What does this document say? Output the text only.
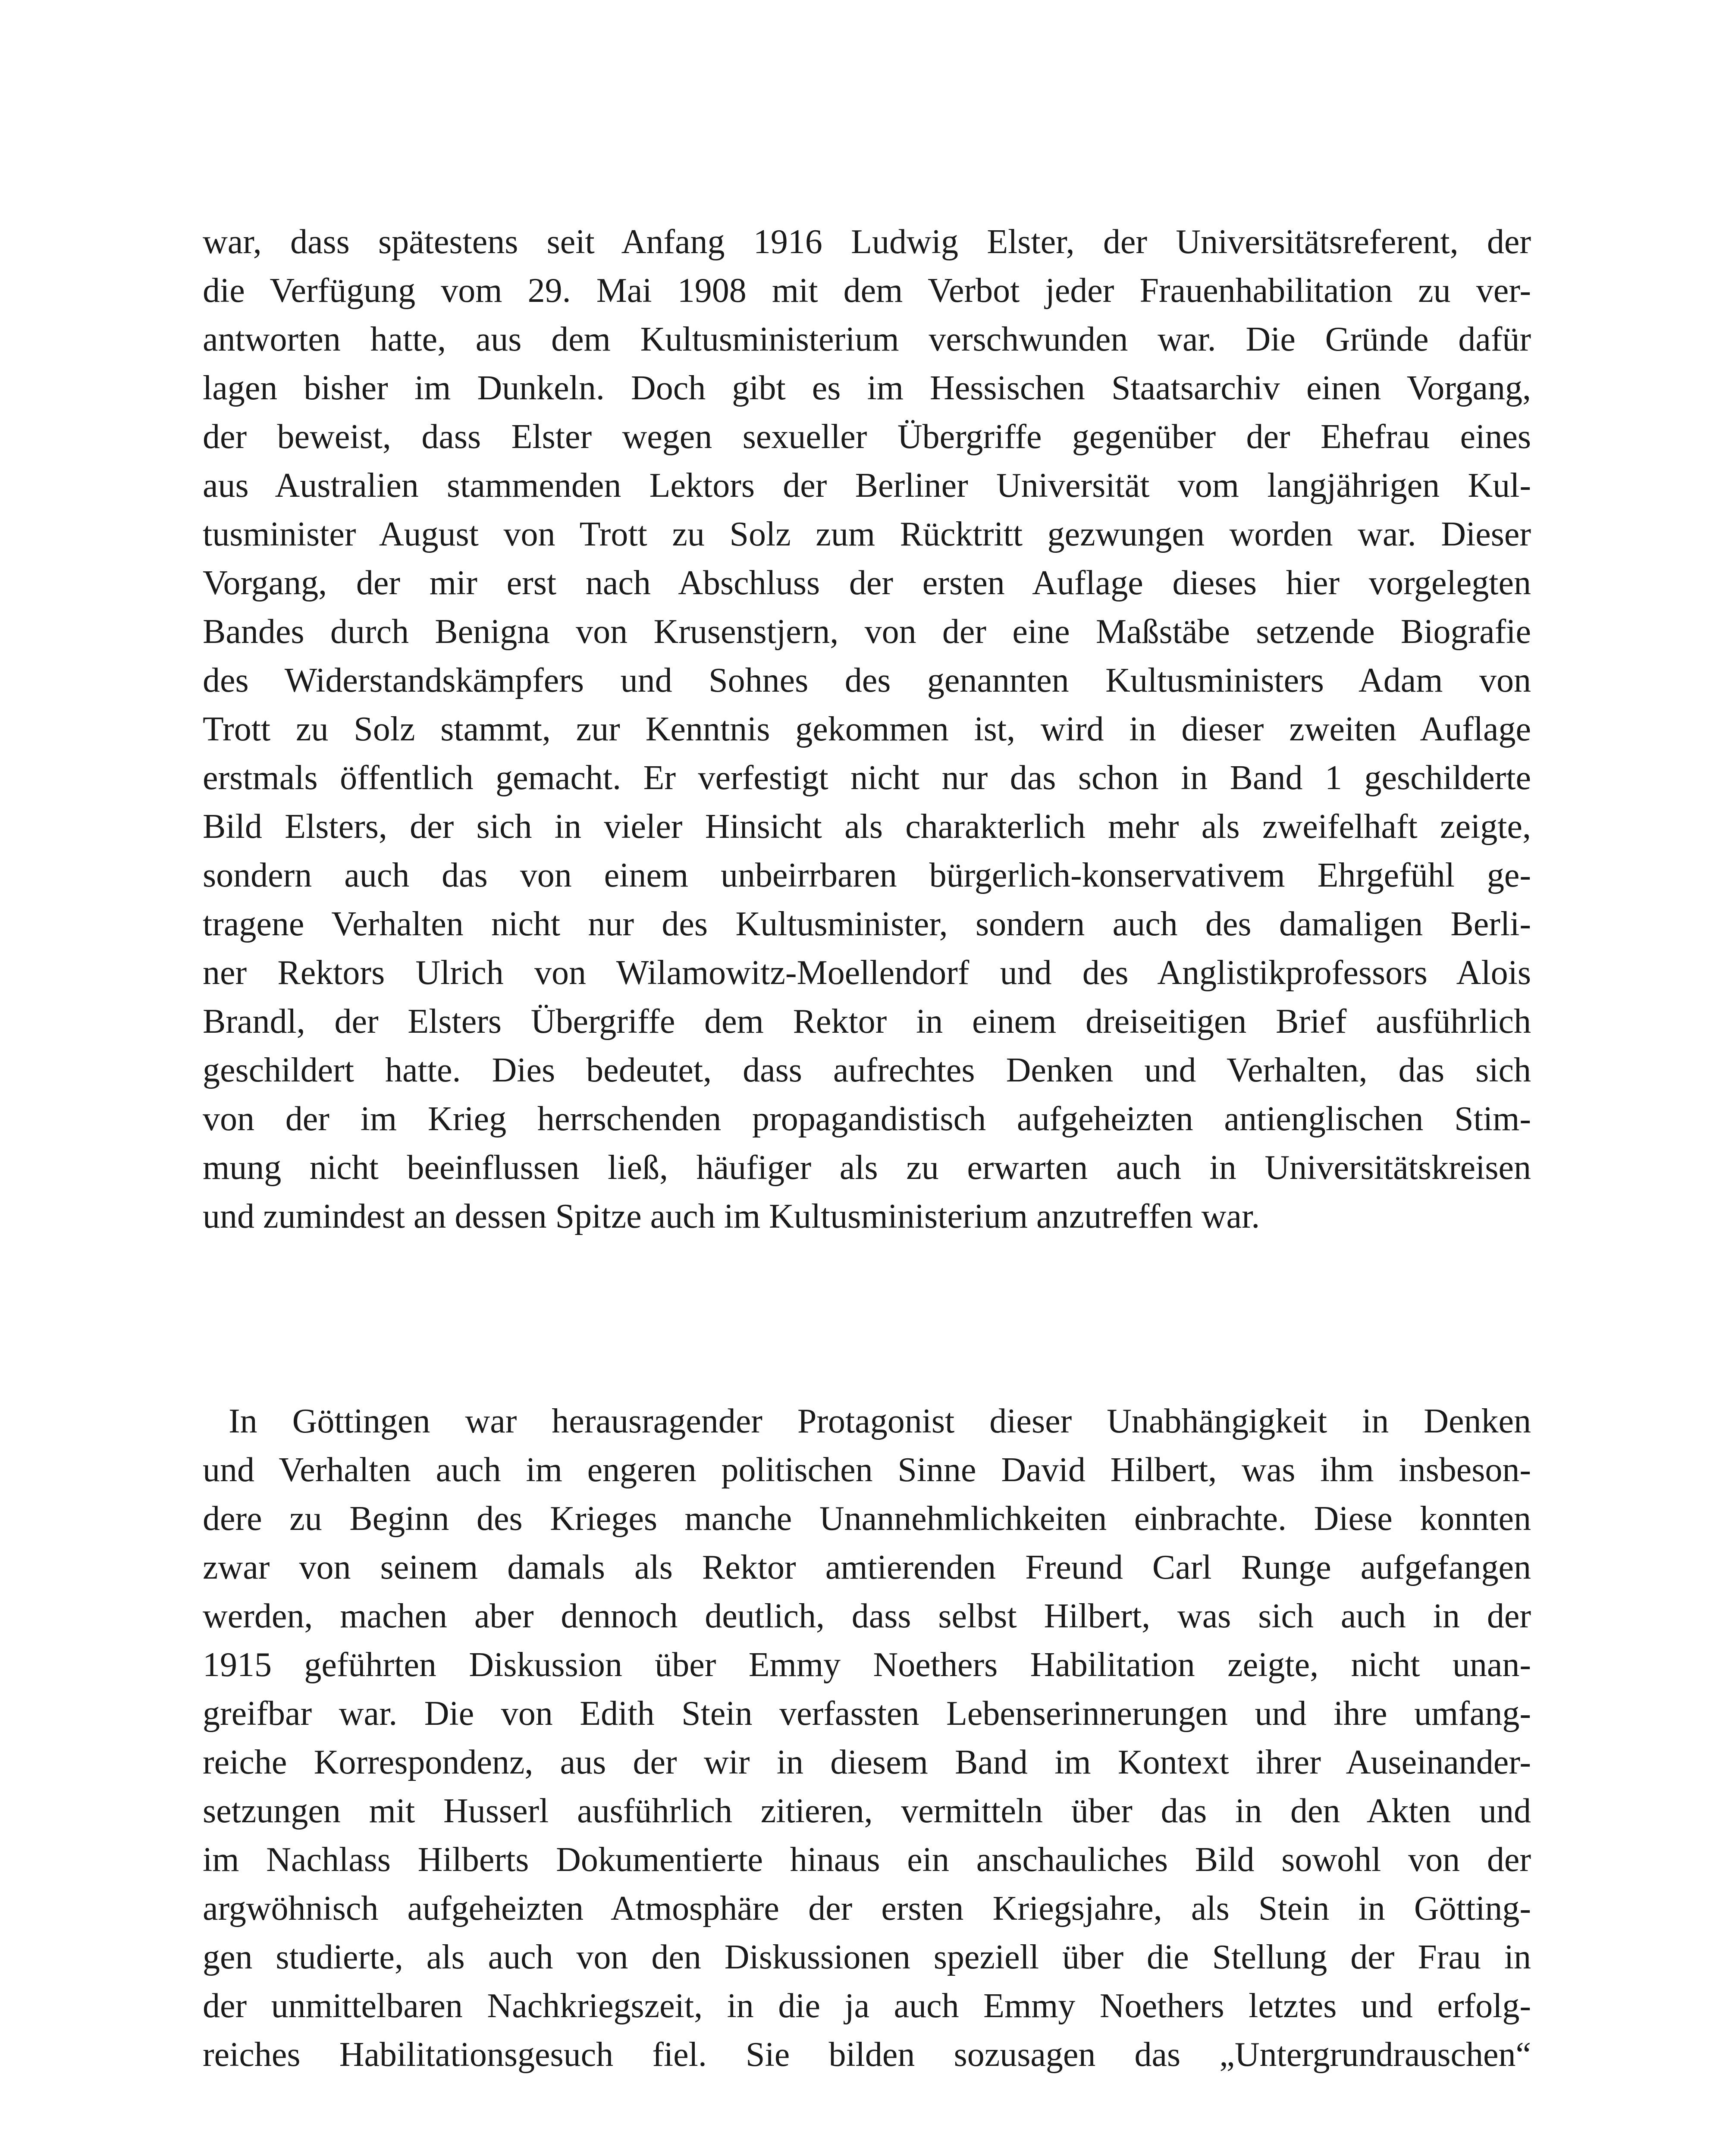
war, dass spätestens seit Anfang 1916 Ludwig Elster, der Universitätsreferent, der
die Verfügung vom 29. Mai 1908 mit dem Verbot jeder Frauenhabilitation zu ver-
antworten hatte, aus dem Kultusministerium verschwunden war. Die Gründe dafür
lagen bisher im Dunkeln. Doch gibt es im Hessischen Staatsarchiv einen Vorgang,
der beweist, dass Elster wegen sexueller Übergriffe gegenüber der Ehefrau eines
aus Australien stammenden Lektors der Berliner Universität vom langjährigen Kul-
tusminister August von Trott zu Solz zum Rücktritt gezwungen worden war. Dieser
Vorgang, der mir erst nach Abschluss der ersten Auflage dieses hier vorgelegten
Bandes durch Benigna von Krusenstjern, von der eine Maßstäbe setzende Biografie
des Widerstandskämpfers und Sohnes des genannten Kultusministers Adam von
Trott zu Solz stammt, zur Kenntnis gekommen ist, wird in dieser zweiten Auflage
erstmals öffentlich gemacht. Er verfestigt nicht nur das schon in Band 1 geschilderte
Bild Elsters, der sich in vieler Hinsicht als charakterlich mehr als zweifelhaft zeigte,
sondern auch das von einem unbeirrbaren bürgerlich-konservativem Ehrgefühl ge-
tragene Verhalten nicht nur des Kultusminister, sondern auch des damaligen Berli-
ner Rektors Ulrich von Wilamowitz-Moellendorf und des Anglistikprofessors Alois
Brandl, der Elsters Übergriffe dem Rektor in einem dreiseitigen Brief ausführlich
geschildert hatte. Dies bedeutet, dass aufrechtes Denken und Verhalten, das sich
von der im Krieg herrschenden propagandistisch aufgeheizten antienglischen Stim-
mung nicht beeinflussen ließ, häufiger als zu erwarten auch in Universitätskreisen
und zumindest an dessen Spitze auch im Kultusministerium anzutreffen war.
In Göttingen war herausragender Protagonist dieser Unabhängigkeit in Denken
und Verhalten auch im engeren politischen Sinne David Hilbert, was ihm insbeson-
dere zu Beginn des Krieges manche Unannehmlichkeiten einbrachte. Diese konnten
zwar von seinem damals als Rektor amtierenden Freund Carl Runge aufgefangen
werden, machen aber dennoch deutlich, dass selbst Hilbert, was sich auch in der
1915 geführten Diskussion über Emmy Noethers Habilitation zeigte, nicht unan-
greifbar war. Die von Edith Stein verfassten Lebenserinnerungen und ihre umfang-
reiche Korrespondenz, aus der wir in diesem Band im Kontext ihrer Auseinander-
setzungen mit Husserl ausführlich zitieren, vermitteln über das in den Akten und
im Nachlass Hilberts Dokumentierte hinaus ein anschauliches Bild sowohl von der
argwöhnisch aufgeheizten Atmosphäre der ersten Kriegsjahre, als Stein in Götting-
gen studierte, als auch von den Diskussionen speziell über die Stellung der Frau in
der unmittelbaren Nachkriegszeit, in die ja auch Emmy Noethers letztes und erfolg-
reiches Habilitationsgesuch fiel. Sie bilden sozusagen das „Untergrundrauschen“
